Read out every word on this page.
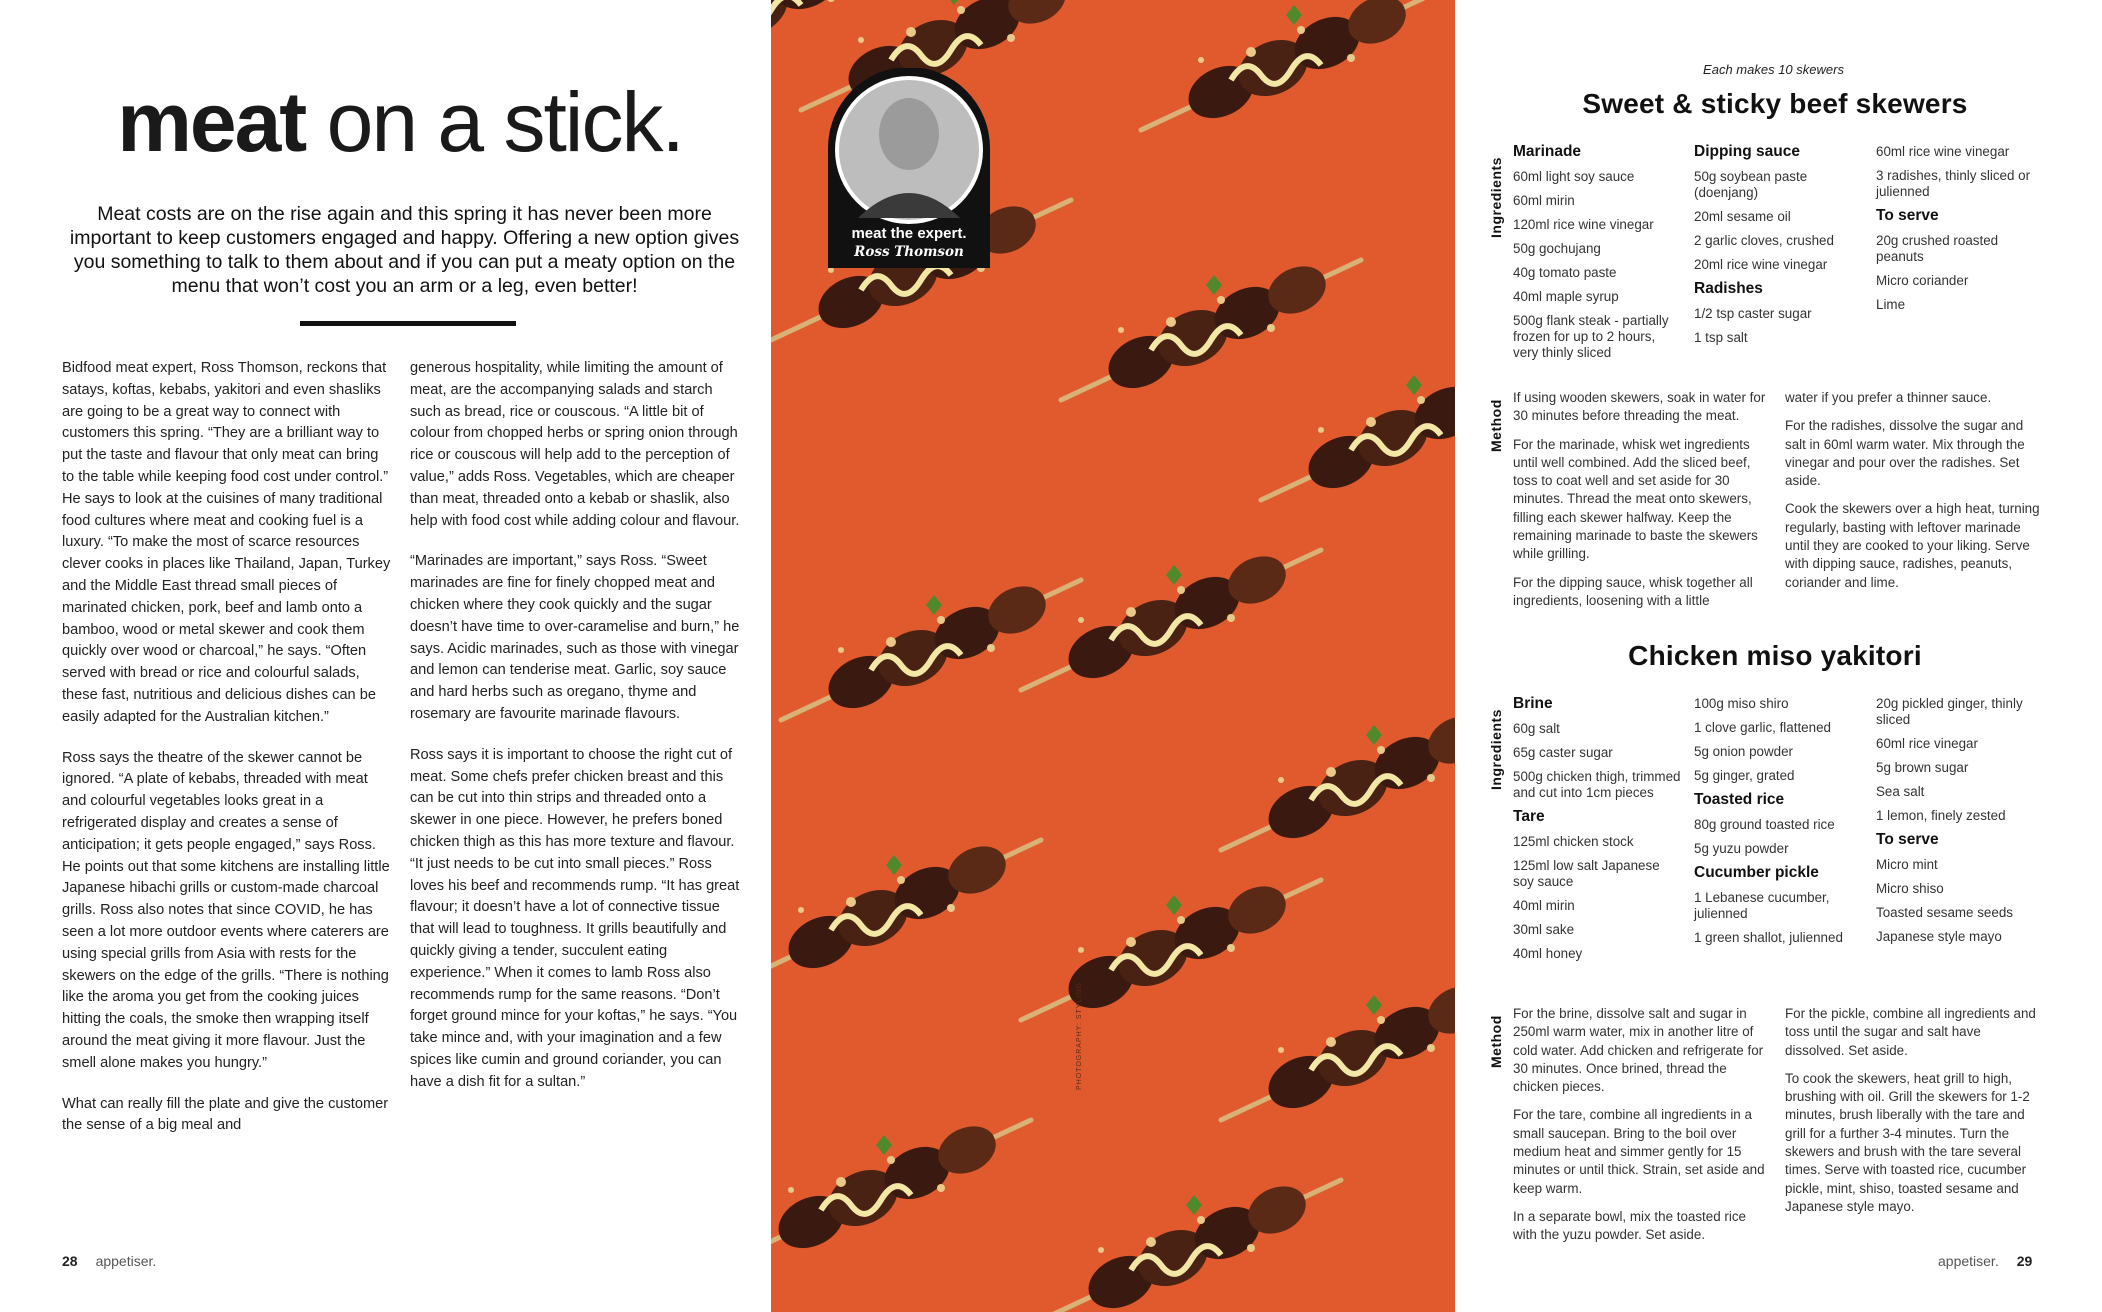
meat on a stick.

Meat costs are on the rise again and this spring it has never been more important to keep customers engaged and happy. Offering a new option gives you something to talk to them about and if you can put a meaty option on the menu that won’t cost you an arm or a leg, even better!

Bidfood meat expert, Ross Thomson, reckons that satays, koftas, kebabs, yakitori and even shasliks are going to be a great way to connect with customers this spring. “They are a brilliant way to put the taste and flavour that only meat can bring to the table while keeping food cost under control.” He says to look at the cuisines of many traditional food cultures where meat and cooking fuel is a luxury. “To make the most of scarce resources clever cooks in places like Thailand, Japan, Turkey and the Middle East thread small pieces of marinated chicken, pork, beef and lamb onto a bamboo, wood or metal skewer and cook them quickly over wood or charcoal,” he says. “Often served with bread or rice and colourful salads, these fast, nutritious and delicious dishes can be easily adapted for the Australian kitchen.”

Ross says the theatre of the skewer cannot be ignored. “A plate of kebabs, threaded with meat and colourful vegetables looks great in a refrigerated display and creates a sense of anticipation; it gets people engaged,” says Ross. He points out that some kitchens are installing little Japanese hibachi grills or custom-made charcoal grills. Ross also notes that since COVID, he has seen a lot more outdoor events where caterers are using special grills from Asia with rests for the skewers on the edge of the grills. “There is nothing like the aroma you get from the cooking juices hitting the coals, the smoke then wrapping itself around the meat giving it more flavour. Just the smell alone makes you hungry.”

What can really fill the plate and give the customer the sense of a big meal and

generous hospitality, while limiting the amount of meat, are the accompanying salads and starch such as bread, rice or couscous. “A little bit of colour from chopped herbs or spring onion through rice or couscous will help add to the perception of value,” adds Ross. Vegetables, which are cheaper than meat, threaded onto a kebab or shaslik, also help with food cost while adding colour and flavour.

“Marinades are important,” says Ross. “Sweet marinades are fine for finely chopped meat and chicken where they cook quickly and the sugar doesn’t have time to over-caramelise and burn,” he says. Acidic marinades, such as those with vinegar and lemon can tenderise meat. Garlic, soy sauce and hard herbs such as oregano, thyme and rosemary are favourite marinade flavours.

Ross says it is important to choose the right cut of meat. Some chefs prefer chicken breast and this can be cut into thin strips and threaded onto a skewer in one piece. However, he prefers boned chicken thigh as this has more texture and flavour. “It just needs to be cut into small pieces.” Ross loves his beef and recommends rump. “It has great flavour; it doesn’t have a lot of connective tissue that will lead to toughness. It grills beautifully and quickly giving a tender, succulent eating experience.” When it comes to lamb Ross also recommends rump for the same reasons. “Don’t forget ground mince for your koftas,” he says. “You take mince and, with your imagination and a few spices like cumin and ground coriander, you can have a dish fit for a sultan.”

28 appetiser.
meat the expert.
Ross Thomson
PHOTOGRAPHY: STYLING
Each makes 10 skewers
Sweet & sticky beef skewers
Ingredients
Marinade
60ml light soy sauce
60ml mirin
120ml rice wine vinegar
50g gochujang
40g tomato paste
40ml maple syrup
500g flank steak - partially frozen for up to 2 hours, very thinly sliced
Dipping sauce
50g soybean paste (doenjang)
20ml sesame oil
2 garlic cloves, crushed
20ml rice wine vinegar
Radishes
1/2 tsp caster sugar
1 tsp salt
60ml rice wine vinegar
3 radishes, thinly sliced or julienned
To serve
20g crushed roasted peanuts
Micro coriander
Lime
Method

If using wooden skewers, soak in water for 30 minutes before threading the meat.

For the marinade, whisk wet ingredients until well combined. Add the sliced beef, toss to coat well and set aside for 30 minutes. Thread the meat onto skewers, filling each skewer halfway. Keep the remaining marinade to baste the skewers while grilling.

For the dipping sauce, whisk together all ingredients, loosening with a little

water if you prefer a thinner sauce.

For the radishes, dissolve the sugar and salt in 60ml warm water. Mix through the vinegar and pour over the radishes. Set aside.

Cook the skewers over a high heat, turning regularly, basting with leftover marinade until they are cooked to your liking. Serve with dipping sauce, radishes, peanuts, coriander and lime.

Chicken miso yakitori
Ingredients
Brine
60g salt
65g caster sugar
500g chicken thigh, trimmed and cut into 1cm pieces
Tare
125ml chicken stock
125ml low salt Japanese soy sauce
40ml mirin
30ml sake
40ml honey
100g miso shiro
1 clove garlic, flattened
5g onion powder
5g ginger, grated
Toasted rice
80g ground toasted rice
5g yuzu powder
Cucumber pickle
1 Lebanese cucumber, julienned
1 green shallot, julienned
20g pickled ginger, thinly sliced
60ml rice vinegar
5g brown sugar
Sea salt
1 lemon, finely zested
To serve
Micro mint
Micro shiso
Toasted sesame seeds
Japanese style mayo
Method

For the brine, dissolve salt and sugar in 250ml warm water, mix in another litre of cold water. Add chicken and refrigerate for 30 minutes. Once brined, thread the chicken pieces.

For the tare, combine all ingredients in a small saucepan. Bring to the boil over medium heat and simmer gently for 15 minutes or until thick. Strain, set aside and keep warm.

In a separate bowl, mix the toasted rice with the yuzu powder. Set aside.

For the pickle, combine all ingredients and toss until the sugar and salt have dissolved. Set aside.

To cook the skewers, heat grill to high, brushing with oil. Grill the skewers for 1-2 minutes, brush liberally with the tare and grill for a further 3-4 minutes. Turn the skewers and brush with the tare several times. Serve with toasted rice, cucumber pickle, mint, shiso, toasted sesame and Japanese style mayo.

appetiser. 29
